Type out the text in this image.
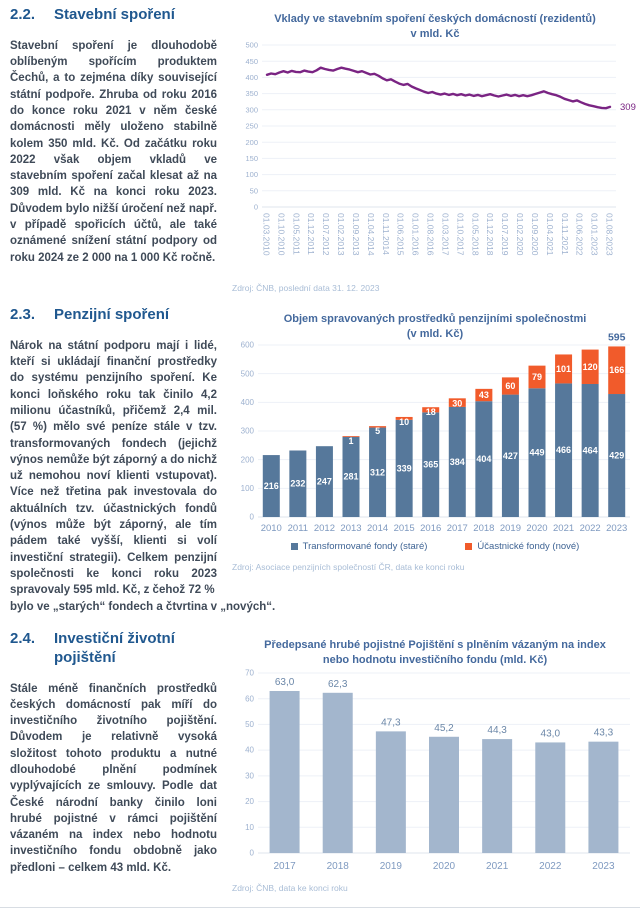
2.2.	Stavební spoření
Stavební spoření je dlouhodobě oblíbeným spořícím produktem Čechů, a to zejména díky související státní podpoře. Zhruba od roku 2016 do konce roku 2021 v něm české domácnosti měly uloženo stabilně kolem 350 mld. Kč. Od začátku roku 2022 však objem vkladů ve stavebním spoření začal klesat až na 309 mld. Kč na konci roku 2023. Důvodem bylo nižší úročení než např. v případě spořicích účtů, ale také oznámené snížení státní podpory od roku 2024 ze 2 000 na 1 000 Kč ročně.
Vklady ve stavebním spoření českých domácností (rezidentů)
v mld. Kč
0
50
100
150
200
250
300
350
400
450
500
309
01.03.2010 01.10.2010 01.05.2011 01.12.2011 01.07.2012 01.02.2013 01.09.2013 01.04.2014 01.11.2014 01.06.2015 01.01.2016 01.08.2016 01.03.2017 01.10.2017 01.05.2018 01.12.2018 01.07.2019 01.02.2020 01.09.2020 01.04.2021 01.11.2021 01.06.2022 01.01.2023 01.08.2023
Zdroj: ČNB, poslední data 31. 12. 2023
2.3.	Penzijní spoření
Nárok na státní podporu mají i lidé, kteří si ukládají finanční prostředky do systému penzijního spoření. Ke konci loňského roku tak činilo 4,2 milionu účastníků, přičemž 2,4 mil. (57 %) mělo své peníze stále v tzv. transformovaných fondech (jejichž výnos nemůže být záporný a do nichž už nemohou noví klienti vstupovat). Více než třetina pak investovala do aktuálních tzv. účastnických fondů (výnos může být záporný, ale tím pádem také vyšší, klienti si volí investiční strategii). Celkem penzijní společnosti ke konci roku 2023 spravovaly 595 mld. Kč, z čehož 72 %
bylo ve „starých“ fondech a čtvrtina v „nových“.
Objem spravovaných prostředků penzijními společnostmi
(v mld. Kč)
0
100
200
300
400
500
600
216
2010
232
2011
247
2012
281
1
2013
312
5
2014
339
10
2015
365
18
2016
384
30
2017
404
43
2018
427
60
2019
449
79
2020
466
101
2021
464
120
2022
429
166
595
2023
Transformované fondy (staré)	Účastnické fondy (nové)
Zdroj: Asociace penzijních společností ČR, data ke konci roku
2.4.	Investiční životní pojištění
Stále méně finančních prostředků českých domácností pak míří do investičního životního pojištění. Důvodem je relativně vysoká složitost tohoto produktu a nutné dlouhodobé plnění podmínek vyplývajících ze smlouvy. Podle dat České národní banky činilo loni hrubé pojistné v rámci pojištění vázaném na index nebo hodnotu investičního fondu obdobně jako předloni – celkem 43 mld. Kč.
Předepsané hrubé pojistné Pojištění s plněním vázaným na index
nebo hodnotu investičního fondu (mld. Kč)
0
10
20
30
40
50
60
70
63,0
2017
62,3
2018
47,3
2019
45,2
2020
44,3
2021
43,0
2022
43,3
2023
Zdroj: ČNB, data ke konci roku
